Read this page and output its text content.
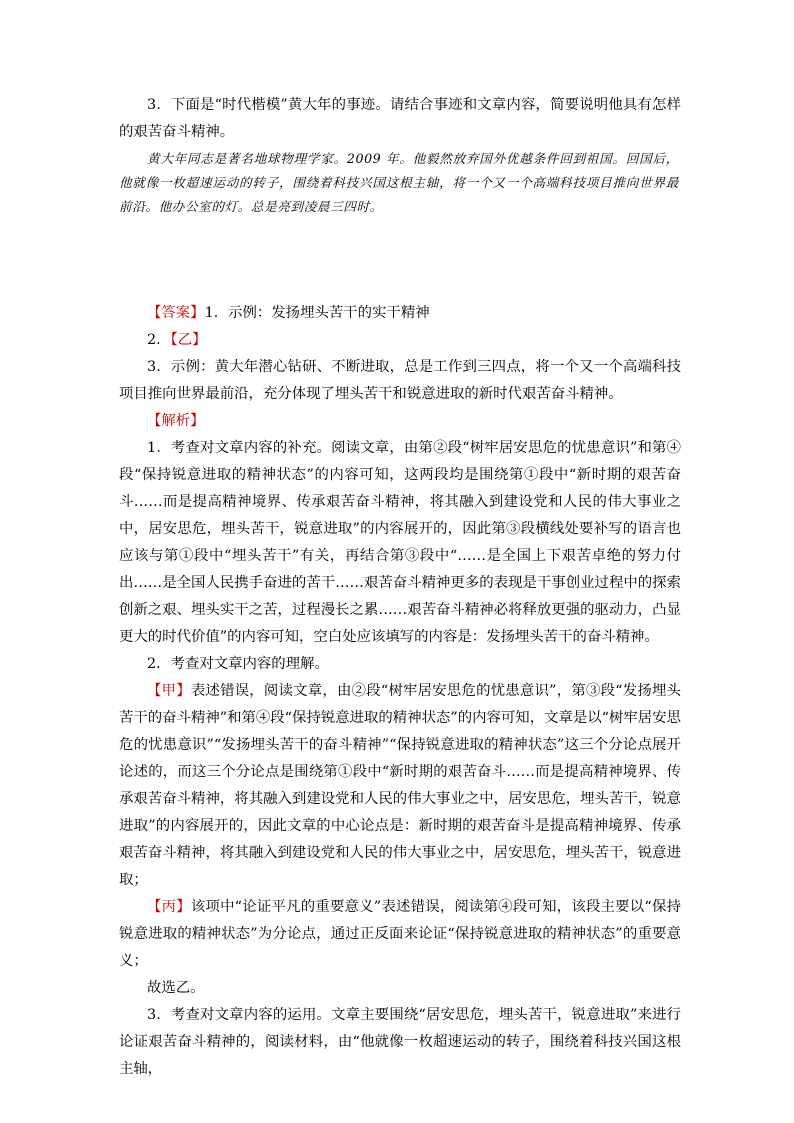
3．下面是“时代楷模”黄大年的事迹。请结合事迹和文章内容，简要说明他具有怎样的艰苦奋斗精神。

黄大年同志是著名地球物理学家。2009 年。他毅然放弃国外优越条件回到祖国。回国后，他就像一枚超速运动的转子，围绕着科技兴国这根主轴，将一个又一个高端科技项目推向世界最前沿。他办公室的灯。总是亮到凌晨三四时。

【答案】1．示例：发扬埋头苦干的实干精神

2．【乙】

3．示例：黄大年潜心钻研、不断进取，总是工作到三四点，将一个又一个高端科技项目推向世界最前沿，充分体现了埋头苦干和锐意进取的新时代艰苦奋斗精神。

【解析】

1．考查对文章内容的补充。阅读文章，由第②段“树牢居安思危的忧患意识”和第④段“保持锐意进取的精神状态”的内容可知，这两段均是围绕第①段中“新时期的艰苦奋斗……而是提高精神境界、传承艰苦奋斗精神，将其融入到建设党和人民的伟大事业之中，居安思危，埋头苦干，锐意进取”的内容展开的，因此第③段横线处要补写的语言也应该与第①段中“埋头苦干”有关，再结合第③段中“……是全国上下艰苦卓绝的努力付出……是全国人民携手奋进的苦干……艰苦奋斗精神更多的表现是干事创业过程中的探索创新之艰、埋头实干之苦，过程漫长之累……艰苦奋斗精神必将释放更强的驱动力，凸显更大的时代价值”的内容可知，空白处应该填写的内容是：发扬埋头苦干的奋斗精神。

2．考查对文章内容的理解。

【甲】表述错误，阅读文章，由②段“树牢居安思危的忧患意识”，第③段“发扬埋头苦干的奋斗精神”和第④段“保持锐意进取的精神状态”的内容可知，文章是以“树牢居安思危的忧患意识”“发扬埋头苦干的奋斗精神”“保持锐意进取的精神状态”这三个分论点展开论述的，而这三个分论点是围绕第①段中“新时期的艰苦奋斗……而是提高精神境界、传承艰苦奋斗精神，将其融入到建设党和人民的伟大事业之中，居安思危，埋头苦干，锐意进取”的内容展开的，因此文章的中心论点是：新时期的艰苦奋斗是提高精神境界、传承艰苦奋斗精神，将其融入到建设党和人民的伟大事业之中，居安思危，埋头苦干，锐意进取；

【丙】该项中“论证平凡的重要意义”表述错误，阅读第④段可知，该段主要以“保持锐意进取的精神状态”为分论点，通过正反面来论证“保持锐意进取的精神状态”的重要意义；

故选乙。

3．考查对文章内容的运用。文章主要围绕“居安思危，埋头苦干，锐意进取”来进行论证艰苦奋斗精神的，阅读材料，由“他就像一枚超速运动的转子，围绕着科技兴国这根主轴，
